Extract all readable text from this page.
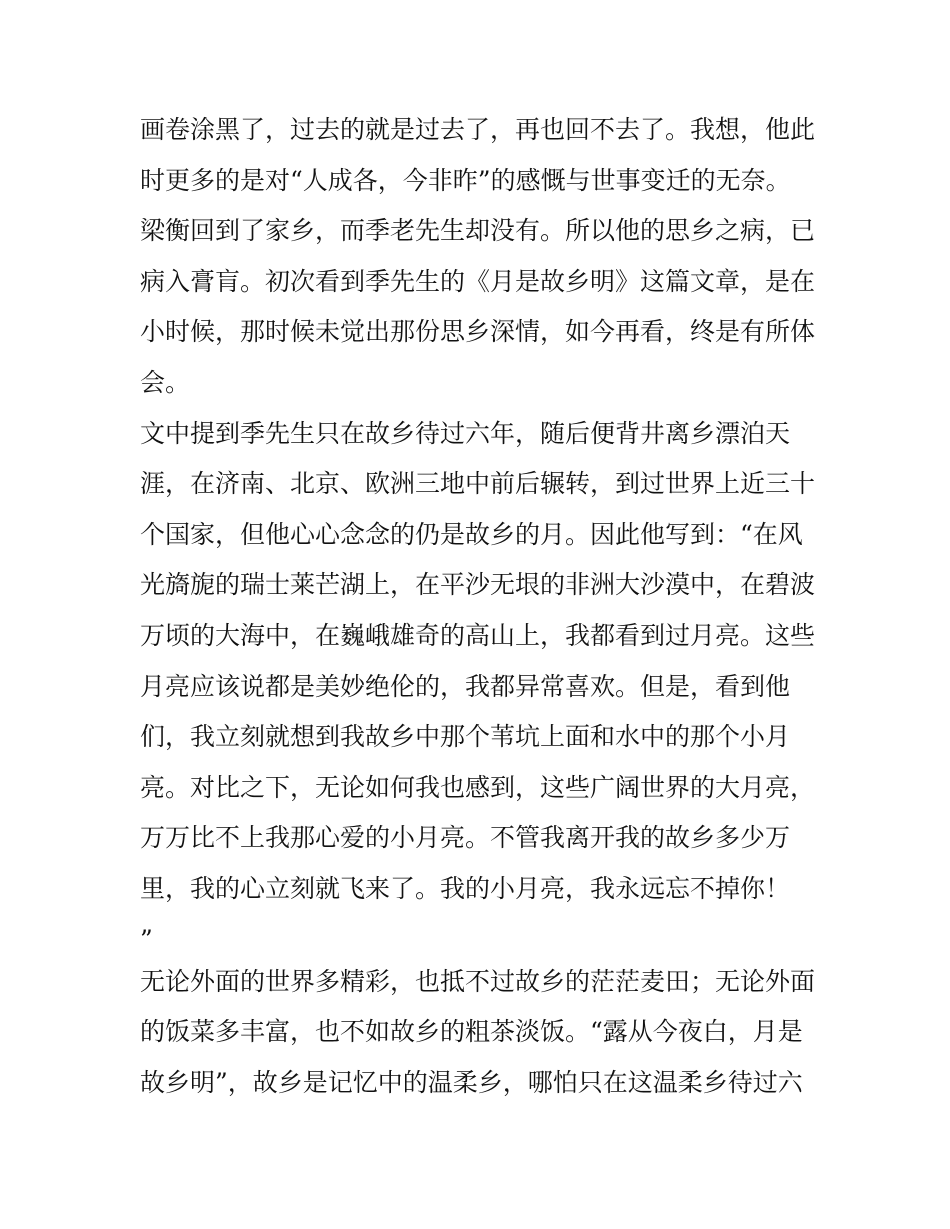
画卷涂黑了，过去的就是过去了，再也回不去了。我想，他此
时更多的是对“人成各，今非昨”的感慨与世事变迁的无奈。
梁衡回到了家乡，而季老先生却没有。所以他的思乡之病，已
病入膏肓。初次看到季先生的《月是故乡明》这篇文章，是在
小时候，那时候未觉出那份思乡深情，如今再看，终是有所体
会。
文中提到季先生只在故乡待过六年，随后便背井离乡漂泊天
涯，在济南、北京、欧洲三地中前后辗转，到过世界上近三十
个国家，但他心心念念的仍是故乡的月。因此他写到：“在风
光旖旎的瑞士莱芒湖上，在平沙无垠的非洲大沙漠中，在碧波
万顷的大海中，在巍峨雄奇的高山上，我都看到过月亮。这些
月亮应该说都是美妙绝伦的，我都异常喜欢。但是，看到他
们，我立刻就想到我故乡中那个苇坑上面和水中的那个小月
亮。对比之下，无论如何我也感到，这些广阔世界的大月亮，
万万比不上我那心爱的小月亮。不管我离开我的故乡多少万
里，我的心立刻就飞来了。我的小月亮，我永远忘不掉你！
”
无论外面的世界多精彩，也抵不过故乡的茫茫麦田；无论外面
的饭菜多丰富，也不如故乡的粗茶淡饭。“露从今夜白，月是
故乡明”，故乡是记忆中的温柔乡，哪怕只在这温柔乡待过六
